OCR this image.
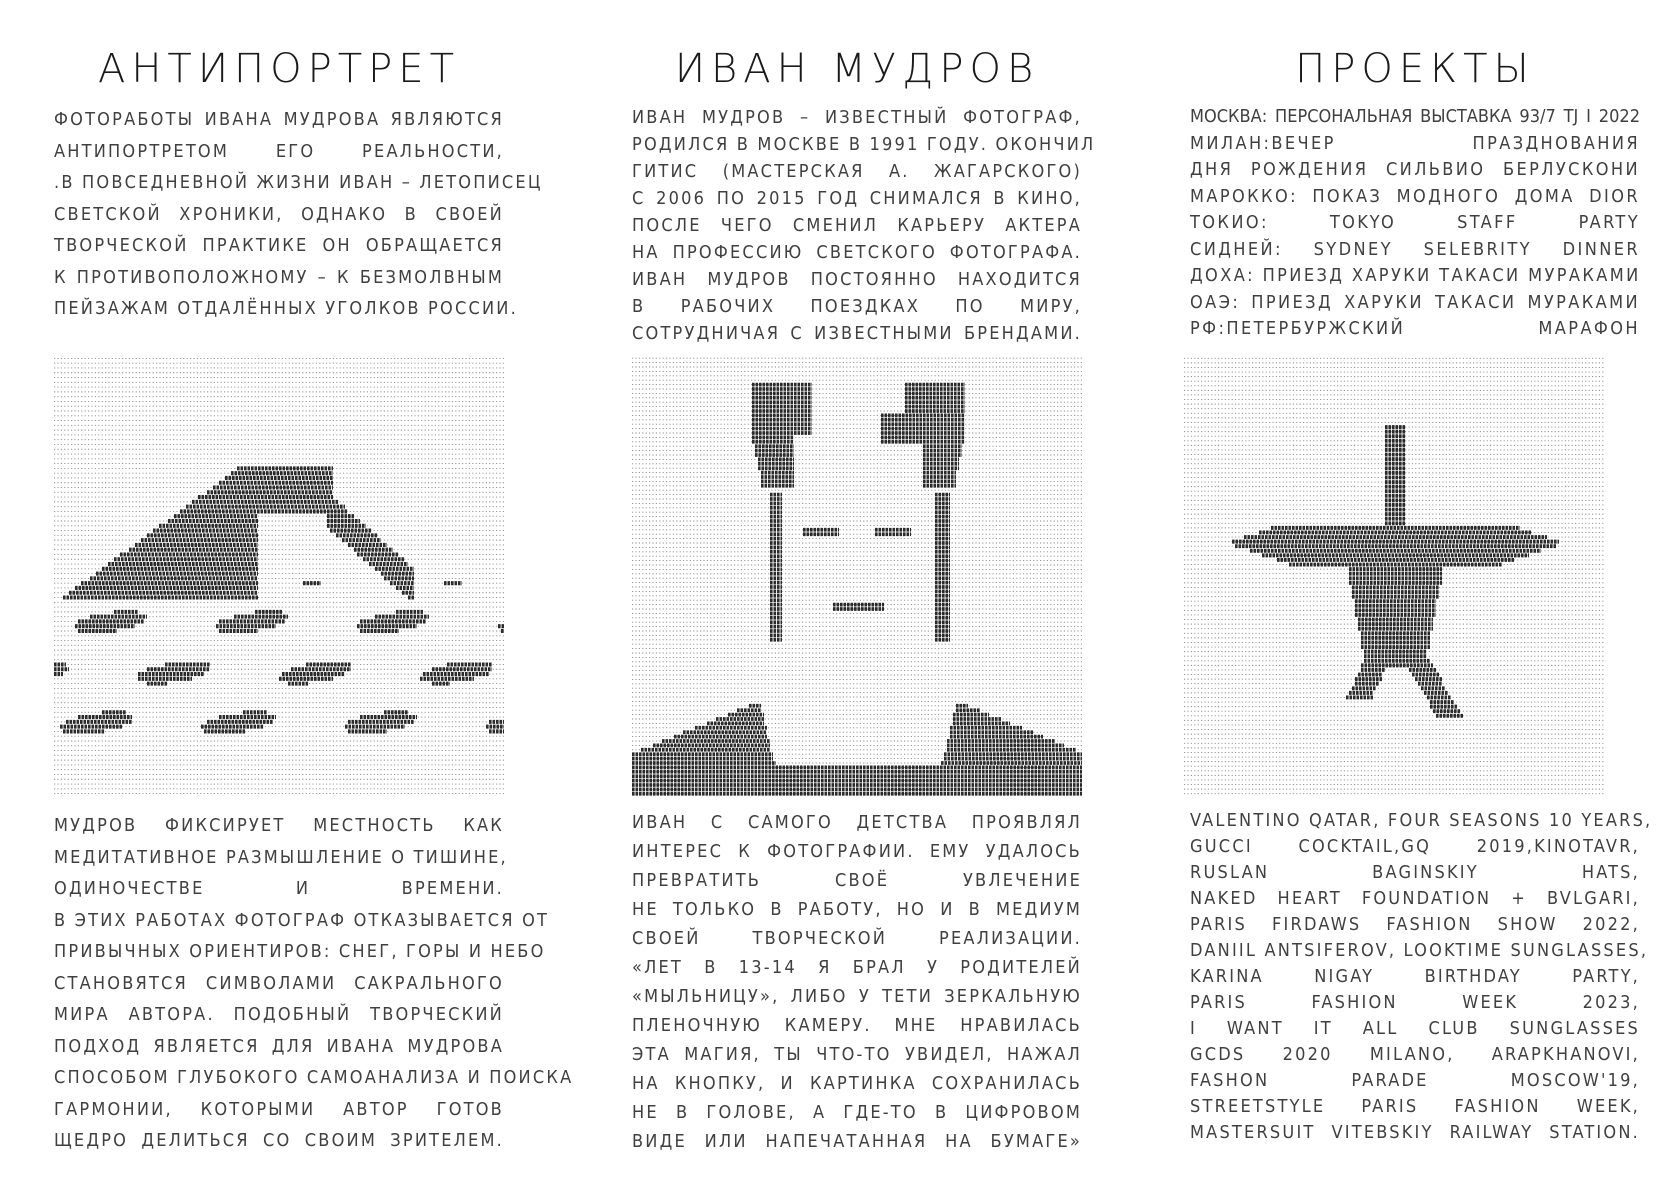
АНТИПОРТРЕТ
ФОТОРАБОТЫ ИВАНА МУДРОВА ЯВЛЯЮТСЯ
АНТИПОРТРЕТОМ ЕГО РЕАЛЬНОСТИ,
.В ПОВСЕДНЕВНОЙ ЖИЗНИ ИВАН – ЛЕТОПИСЕЦ
СВЕТСКОЙ ХРОНИКИ, ОДНАКО В СВОЕЙ
ТВОРЧЕСКОЙ ПРАКТИКЕ ОН ОБРАЩАЕТСЯ
К ПРОТИВОПОЛОЖНОМУ – К БЕЗМОЛВНЫМ
ПЕЙЗАЖАМ ОТДАЛЁННЫХ УГОЛКОВ РОССИИ.
МУДРОВ ФИКСИРУЕТ МЕСТНОСТЬ КАК
МЕДИТАТИВНОЕ РАЗМЫШЛЕНИЕ О ТИШИНЕ,
ОДИНОЧЕСТВЕ И ВРЕМЕНИ.
В ЭТИХ РАБОТАХ ФОТОГРАФ ОТКАЗЫВАЕТСЯ ОТ
ПРИВЫЧНЫХ ОРИЕНТИРОВ: СНЕГ, ГОРЫ И НЕБО
СТАНОВЯТСЯ СИМВОЛАМИ САКРАЛЬНОГО
МИРА АВТОРА. ПОДОБНЫЙ ТВОРЧЕСКИЙ
ПОДХОД ЯВЛЯЕТСЯ ДЛЯ ИВАНА МУДРОВА
СПОСОБОМ ГЛУБОКОГО САМОАНАЛИЗА И ПОИСКА
ГАРМОНИИ, КОТОРЫМИ АВТОР ГОТОВ
ЩЕДРО ДЕЛИТЬСЯ СО СВОИМ ЗРИТЕЛЕМ.
ИВАН МУДРОВ
ИВАН МУДРОВ – ИЗВЕСТНЫЙ ФОТОГРАФ,
РОДИЛСЯ В МОСКВЕ В 1991 ГОДУ. ОКОНЧИЛ
ГИТИС (МАСТЕРСКАЯ А. ЖАГАРСКОГО)
С 2006 ПО 2015 ГОД СНИМАЛСЯ В КИНО,
ПОСЛЕ ЧЕГО СМЕНИЛ КАРЬЕРУ АКТЕРА
НА ПРОФЕССИЮ СВЕТСКОГО ФОТОГРАФА.
ИВАН МУДРОВ ПОСТОЯННО НАХОДИТСЯ
В РАБОЧИХ ПОЕЗДКАХ ПО МИРУ,
СОТРУДНИЧАЯ С ИЗВЕСТНЫМИ БРЕНДАМИ.
ИВАН С САМОГО ДЕТСТВА ПРОЯВЛЯЛ
ИНТЕРЕС К ФОТОГРАФИИ. ЕМУ УДАЛОСЬ
ПРЕВРАТИТЬ СВОЁ УВЛЕЧЕНИЕ
НЕ ТОЛЬКО В РАБОТУ, НО И В МЕДИУМ
СВОЕЙ ТВОРЧЕСКОЙ РЕАЛИЗАЦИИ.
«ЛЕТ В 13-14 Я БРАЛ У РОДИТЕЛЕЙ
«МЫЛЬНИЦУ», ЛИБО У ТЕТИ ЗЕРКАЛЬНУЮ
ПЛЕНОЧНУЮ КАМЕРУ. МНЕ НРАВИЛАСЬ
ЭТА МАГИЯ, ТЫ ЧТО-ТО УВИДЕЛ, НАЖАЛ
НА КНОПКУ, И КАРТИНКА СОХРАНИЛАСЬ
НЕ В ГОЛОВЕ, А ГДЕ-ТО В ЦИФРОВОМ
ВИДЕ ИЛИ НАПЕЧАТАННАЯ НА БУМАГЕ»
ПРОЕКТЫ
МОСКВА: ПЕРСОНАЛЬНАЯ ВЫСТАВКА 93/7 TJ I 2022
МИЛАН:ВЕЧЕР ПРАЗДНОВАНИЯ
ДНЯ РОЖДЕНИЯ СИЛЬВИО БЕРЛУСКОНИ
МАРОККО: ПОКАЗ МОДНОГО ДОМА DIOR
ТОКИО: TOKYO STAFF PARTY
СИДНЕЙ: SYDNEY SELEBRITY DINNER
ДОХА: ПРИЕЗД ХАРУКИ ТАКАСИ МУРАКАМИ
ОАЭ: ПРИЕЗД ХАРУКИ ТАКАСИ МУРАКАМИ
РФ:ПЕТЕРБУРЖСКИЙ МАРАФОН
VALENTINO QATAR, FOUR SEASONS 10 YEARS,
GUCCI COCKTAIL,GQ 2019,KINOTAVR,
RUSLAN BAGINSKIY HATS,
NAKED HEART FOUNDATION + BVLGARI,
PARIS FIRDAWS FASHION SHOW 2022,
DANIIL ANTSIFEROV, LOOKTIME SUNGLASSES,
KARINA NIGAY BIRTHDAY PARTY,
PARIS FASHION WEEK 2023,
I WANT IT ALL CLUB SUNGLASSES
GCDS 2020 MILANO, ARAPKHANOVI,
FASHON PARADE MOSCOW'19,
STREETSTYLE PARIS FASHION WEEK,
MASTERSUIT VITEBSKIY RAILWAY STATION.
